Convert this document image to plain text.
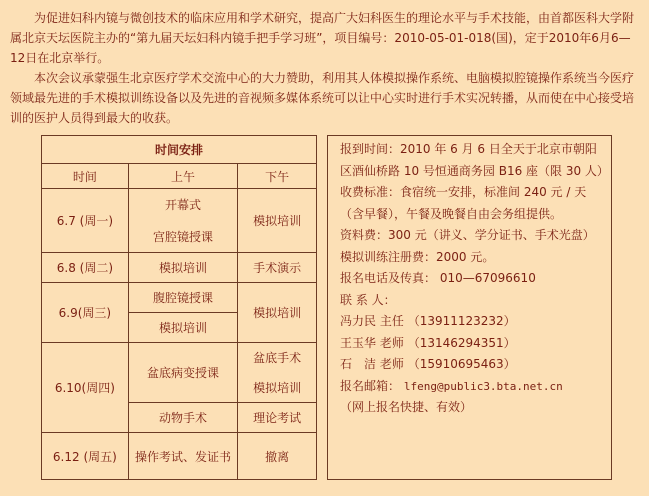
为促进妇科内镜与微创技术的临床应用和学术研究，提高广大妇科医生的理论水平与手术技能，由首都医科大学附属北京天坛医院主办的“第九届天坛妇科内镜手把手学习班”，项目编号：2010-05-01-018(国)，定于2010年6月6—12日在北京举行。

本次会议承蒙强生北京医疗学术交流中心的大力赞助，利用其人体模拟操作系统、电脑模拟腔镜操作系统当今医疗领域最先进的手术模拟训练设备以及先进的音视频多媒体系统可以让中心实时进行手术实况转播，从而使在中心接受培训的医护人员得到最大的收获。

时间安排		
时间	上午	下午
6.7 (周一)	开幕式	模拟培训
	宫腔镜授课	
6.8 (周二)	模拟培训	手术演示
6.9(周三)	腹腔镜授课	模拟培训
	模拟培训	
6.10(周四)	盆底病变授课	盆底手术
		模拟培训
	动物手术	理论考试
6.12 (周五)	操作考试、发证书	撤离
报到时间：2010 年 6 月 6 日全天于北京市朝阳区酒仙桥路 10 号恒通商务园 B16 座（限 30 人）
收费标准：食宿统一安排，标准间 240 元 / 天（含早餐），午餐及晚餐自由会务组提供。
资料费：300 元（讲义、学分证书、手术光盘）
模拟训练注册费：2000 元。
报名电话及传真： 010—67096610
联 系 人：
冯力民 主任 （13911123232）
王玉华 老师 （13146294351）
石　洁 老师 （15910695463）
报名邮箱： lfeng@public3.bta.net.cn
（网上报名快捷、有效）
